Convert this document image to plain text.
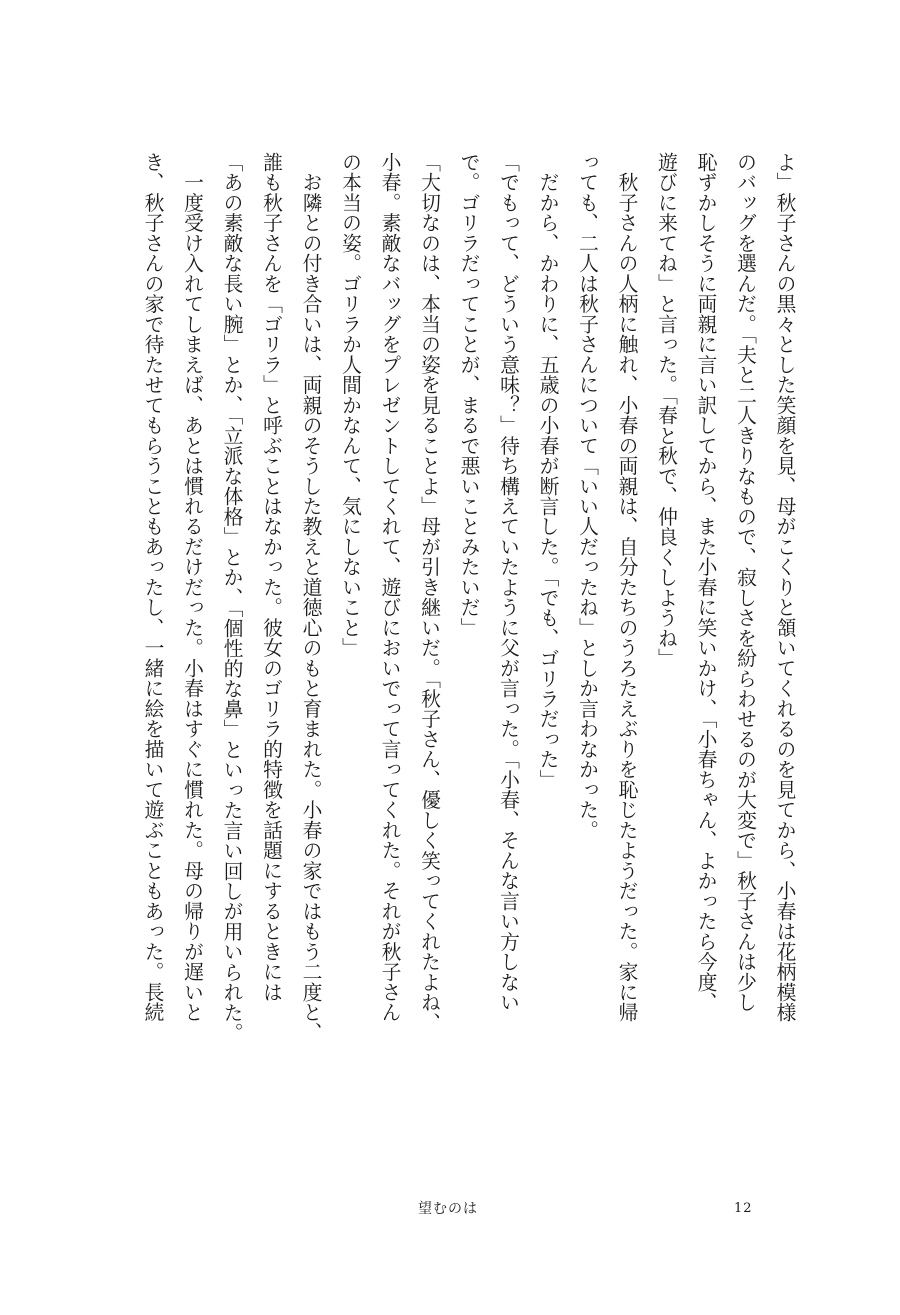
よ」秋子さんの黒々とした笑顔を見、母がこくりと頷いてくれるのを見てから、小春は花柄模様
のバッグを選んだ。「夫と二人きりなもので、寂しさを紛らわせるのが大変で」秋子さんは少し
恥ずかしそうに両親に言い訳してから、また小春に笑いかけ、「小春ちゃん、よかったら今度、
遊びに来てね」と言った。「春と秋で、仲良くしようね」
　秋子さんの人柄に触れ、小春の両親は、自分たちのうろたえぶりを恥じたようだった。家に帰
っても、二人は秋子さんについて「いい人だったね」としか言わなかった。
　だから、かわりに、五歳の小春が断言した。「でも、ゴリラだった」
「でもって、どういう意味？」待ち構えていたように父が言った。「小春、そんな言い方しない
で。ゴリラだってことが、まるで悪いことみたいだ」
「大切なのは、本当の姿を見ることよ」母が引き継いだ。「秋子さん、優しく笑ってくれたよね、
小春。素敵なバッグをプレゼントしてくれて、遊びにおいでって言ってくれた。それが秋子さん
の本当の姿。ゴリラか人間かなんて、気にしないこと」
　お隣との付き合いは、両親のそうした教えと道徳心のもと育まれた。小春の家ではもう二度と、
誰も秋子さんを「ゴリラ」と呼ぶことはなかった。彼女のゴリラ的特徴を話題にするときには
「あの素敵な長い腕」とか、「立派な体格」とか、「個性的な鼻」といった言い回しが用いられた。
　一度受け入れてしまえば、あとは慣れるだけだった。小春はすぐに慣れた。母の帰りが遅いと
き、秋子さんの家で待たせてもらうこともあったし、一緒に絵を描いて遊ぶこともあった。長続
望むのは	12
